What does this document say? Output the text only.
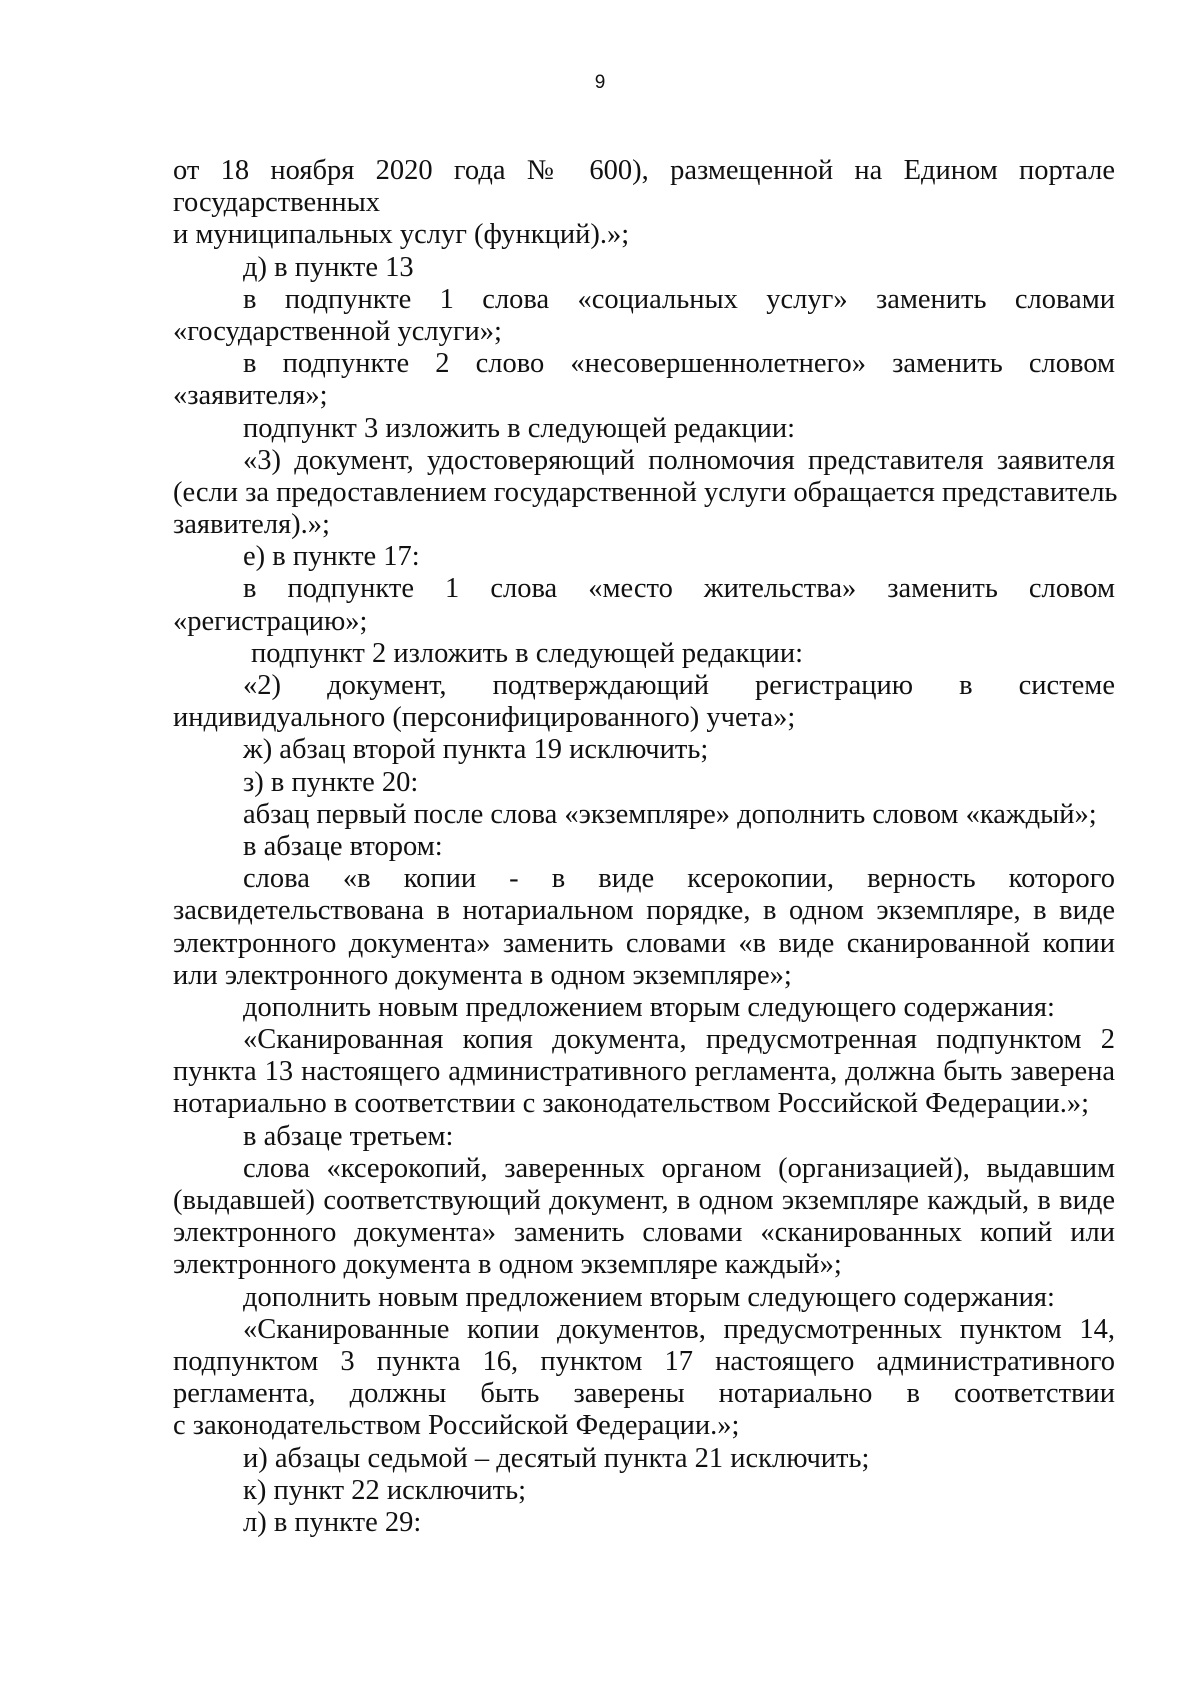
9
от 18 ноября 2020 года № 600), размещенной на Едином портале
государственных
и муниципальных услуг (функций).»;
д) в пункте 13
в подпункте 1 слова «социальных услуг» заменить словами
«государственной услуги»;
в подпункте 2 слово «несовершеннолетнего» заменить словом
«заявителя»;
подпункт 3 изложить в следующей редакции:
«3) документ, удостоверяющий полномочия представителя заявителя
(если за предоставлением государственной услуги обращается представитель
заявителя).»;
е) в пункте 17:
в подпункте 1 слова «место жительства» заменить словом
«регистрацию»;
подпункт 2 изложить в следующей редакции:
«2) документ, подтверждающий регистрацию в системе
индивидуального (персонифицированного) учета»;
ж) абзац второй пункта 19 исключить;
з) в пункте 20:
абзац первый после слова «экземпляре» дополнить словом «каждый»;
в абзаце втором:
слова «в копии - в виде ксерокопии, верность которого
засвидетельствована в нотариальном порядке, в одном экземпляре, в виде
электронного документа» заменить словами «в виде сканированной копии
или электронного документа в одном экземпляре»;
дополнить новым предложением вторым следующего содержания:
«Сканированная копия документа, предусмотренная подпунктом 2
пункта 13 настоящего административного регламента, должна быть заверена
нотариально в соответствии с законодательством Российской Федерации.»;
в абзаце третьем:
слова «ксерокопий, заверенных органом (организацией), выдавшим
(выдавшей) соответствующий документ, в одном экземпляре каждый, в виде
электронного документа» заменить словами «сканированных копий или
электронного документа в одном экземпляре каждый»;
дополнить новым предложением вторым следующего содержания:
«Сканированные копии документов, предусмотренных пунктом 14,
подпунктом 3 пункта 16, пунктом 17 настоящего административного
регламента, должны быть заверены нотариально в соответствии
с законодательством Российской Федерации.»;
и) абзацы седьмой – десятый пункта 21 исключить;
к) пункт 22 исключить;
л) в пункте 29:
